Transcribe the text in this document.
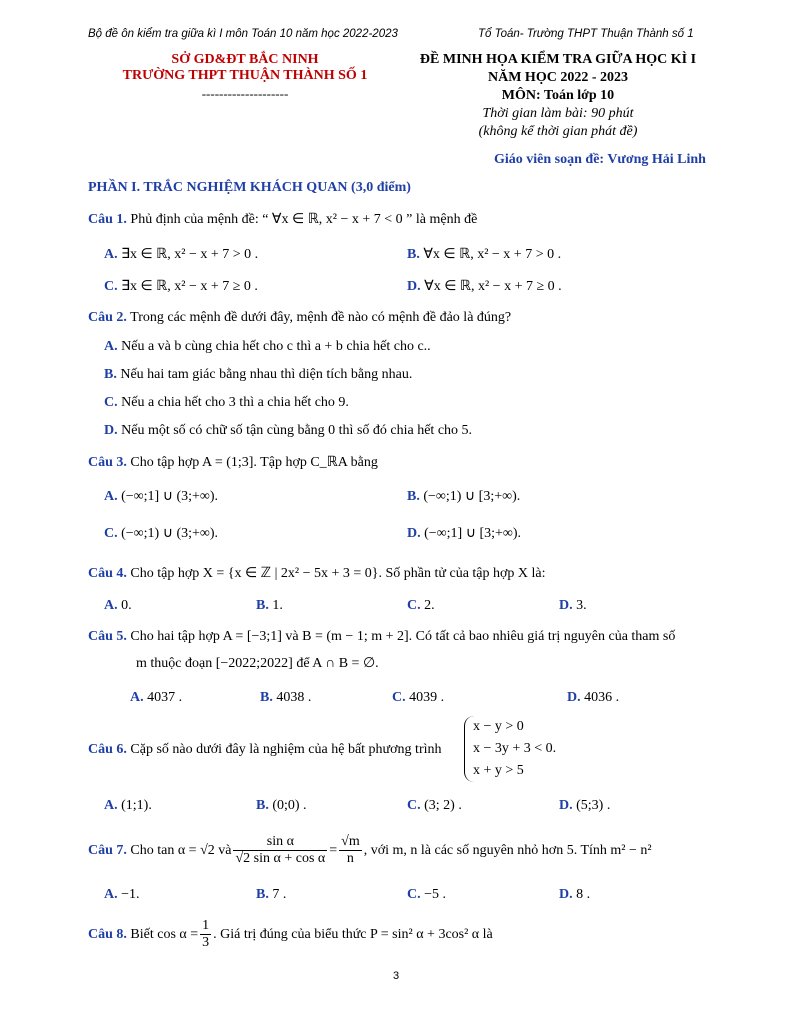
Bộ đề ôn kiểm tra giữa kì I môn Toán 10 năm học 2022-2023	Tổ Toán- Trường THPT Thuận Thành số 1
SỞ GD&ĐT BẮC NINH
TRƯỜNG THPT THUẬN THÀNH SỐ 1
--------------------
ĐỀ MINH HỌA KIỂM TRA GIỮA HỌC KÌ I
NĂM HỌC 2022 - 2023
MÔN: Toán lớp 10
Thời gian làm bài: 90 phút
(không kể thời gian phát đề)
Giáo viên soạn đề: Vương Hải Linh
PHẦN I. TRẮC NGHIỆM KHÁCH QUAN (3,0 điểm)
Câu 1. Phủ định của mệnh đề: “ ∀x ∈ ℝ, x² − x + 7 < 0 ” là mệnh đề
A. ∃x ∈ ℝ, x² − x + 7 > 0 .	B. ∀x ∈ ℝ, x² − x + 7 > 0 .
C. ∃x ∈ ℝ, x² − x + 7 ≥ 0 .	D. ∀x ∈ ℝ, x² − x + 7 ≥ 0 .
Câu 2. Trong các mệnh đề dưới đây, mệnh đề nào có mệnh đề đảo là đúng?
A. Nếu a và b cùng chia hết cho c thì a + b chia hết cho c..
B. Nếu hai tam giác bằng nhau thì diện tích bằng nhau.
C. Nếu a chia hết cho 3 thì a chia hết cho 9.
D. Nếu một số có chữ số tận cùng bằng 0 thì số đó chia hết cho 5.
Câu 3. Cho tập hợp A = (1;3]. Tập hợp C_ℝA bằng
A. (−∞;1] ∪ (3;+∞).	B. (−∞;1) ∪ [3;+∞).
C. (−∞;1) ∪ (3;+∞).	D. (−∞;1] ∪ [3;+∞).
Câu 4. Cho tập hợp X = {x ∈ ℤ | 2x² − 5x + 3 = 0}. Số phần tử của tập hợp X là:
A. 0.	B. 1.	C. 2.	D. 3.
Câu 5. Cho hai tập hợp A = [−3;1] và B = (m − 1; m + 2]. Có tất cả bao nhiêu giá trị nguyên của tham số
m thuộc đoạn [−2022;2022] để A ∩ B = ∅.
A. 4037 .	B. 4038 .	C. 4039 .	D. 4036 .
Câu 6. Cặp số nào dưới đây là nghiệm của hệ bất phương trình
x − y > 0
x − 3y + 3 < 0.
x + y > 5
A. (1;1).	B. (0;0) .	C. (3; 2) .	D. (5;3) .
Câu 7.
Cho tan α = √2 và $\frac{\text{sin α}}{\text{√2 sin α + cos α}} = \frac{√m}{n}$ , với m, n là các số nguyên nhỏ hơn 5. Tính m² − n²
A. −1.	B. 7 .	C. −5 .	D. 8 .
Câu 8.
Biết $\cos \alpha = \frac{1}{3}$ . Giá trị đúng của biểu thức P = sin² α + 3cos² α là
3
